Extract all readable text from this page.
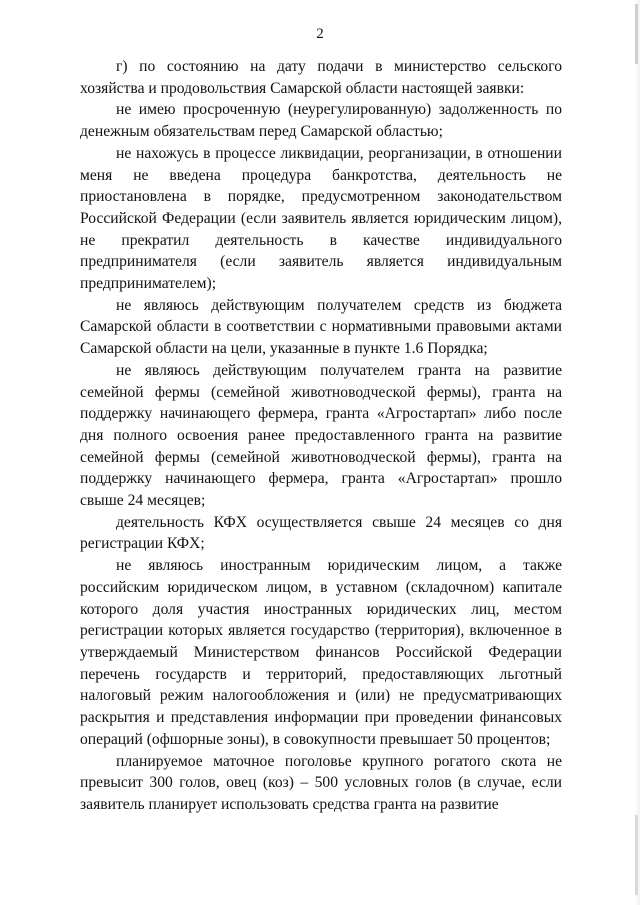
2

г) по состоянию на дату подачи в министерство сельского хозяйства и продовольствия Самарской области настоящей заявки:

не имею просроченную (неурегулированную) задолженность по денежным обязательствам перед Самарской областью;

не нахожусь в процессе ликвидации, реорганизации, в отношении меня не введена процедура банкротства, деятельность не приостановлена в порядке, предусмотренном законодательством Российской Федерации (если заявитель является юридическим лицом), не прекратил деятельность в качестве индивидуального предпринимателя (если заявитель является индивидуальным предпринимателем);

не являюсь действующим получателем средств из бюджета Самарской области в соответствии с нормативными правовыми актами Самарской области на цели, указанные в пункте 1.6 Порядка;

не являюсь действующим получателем гранта на развитие семейной фермы (семейной животноводческой фермы), гранта на поддержку начинающего фермера, гранта «Агростартап» либо после дня полного освоения ранее предоставленного гранта на развитие семейной фермы (семейной животноводческой фермы), гранта на поддержку начинающего фермера, гранта «Агростартап» прошло свыше 24 месяцев;

деятельность КФХ осуществляется свыше 24 месяцев со дня регистрации КФХ;

не являюсь иностранным юридическим лицом, а также российским юридическом лицом, в уставном (складочном) капитале которого доля участия иностранных юридических лиц, местом регистрации которых является государство (территория), включенное в утверждаемый Министерством финансов Российской Федерации перечень государств и территорий, предоставляющих льготный налоговый режим налогообложения и (или) не предусматривающих раскрытия и представления информации при проведении финансовых операций (офшорные зоны), в совокупности превышает 50 процентов;

планируемое маточное поголовье крупного рогатого скота не превысит 300 голов, овец (коз) – 500 условных голов (в случае, если заявитель планирует использовать средства гранта на развитие
